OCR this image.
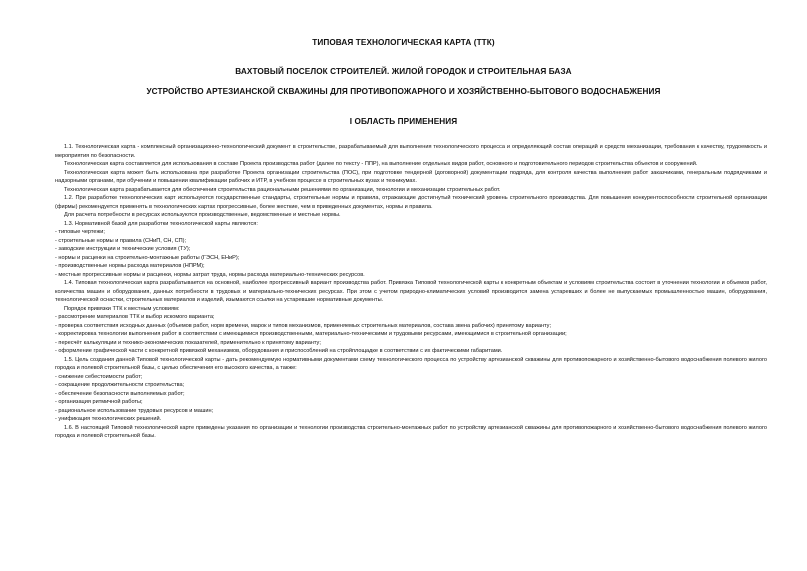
ТИПОВАЯ ТЕХНОЛОГИЧЕСКАЯ КАРТА (ТТК)
ВАХТОВЫЙ ПОСЕЛОК СТРОИТЕЛЕЙ. ЖИЛОЙ ГОРОДОК И СТРОИТЕЛЬНАЯ БАЗА
УСТРОЙСТВО АРТЕЗИАНСКОЙ СКВАЖИНЫ ДЛЯ ПРОТИВОПОЖАРНОГО И ХОЗЯЙСТВЕННО-БЫТОВОГО ВОДОСНАБЖЕНИЯ
I ОБЛАСТЬ ПРИМЕНЕНИЯ

1.1. Технологическая карта - комплексный организационно-технологический документ в строительстве, разрабатываемый для выполнения технологического процесса и определяющий состав операций и средств механизации, требования к качеству, трудоемкость и мероприятия по безопасности.

Технологическая карта составляется для использования в составе Проекта производства работ (далее по тексту - ППР), на выполнение отдельных видов работ, основного и подготовительного периодов строительства объектов и сооружений.

Технологическая карта может быть использована при разработке Проекта организации строительства (ПОС), при подготовке тендерной (договорной) документации подряда, для контроля качества выполнения работ заказчиками, генеральным подрядчиками и надзорными органами, при обучении и повышении квалификации рабочих и ИТР, в учебном процессе в строительных вузах и техникумах.

Технологическая карта разрабатывается для обеспечения строительства рациональными решениями по организации, технологии и механизации строительных работ.

1.2. При разработке технологических карт используются государственные стандарты, строительные нормы и правила, отражающие достигнутый технический уровень строительного производства. Для повышения конкурентоспособности строительной организации (фирмы) рекомендуется применять в технологических картах прогрессивные, более жесткие, чем в приведенных документах, нормы и правила.

Для расчета потребности в ресурсах используются производственные, ведомственные и местные нормы.

1.3. Нормативной базой для разработки технологической карты являются:

- типовые чертежи;

- строительные нормы и правила (СНиП, СН, СП);

- заводские инструкции и технические условия (ТУ);

- нормы и расценки на строительно-монтажные работы (ГЭСН, ЕНиР);

- производственные нормы расхода материалов (НПРМ);

- местные прогрессивные нормы и расценки, нормы затрат труда, нормы расхода материально-технических ресурсов.

1.4. Типовая технологическая карта разрабатывается на основной, наиболее прогрессивный вариант производства работ. Привязка Типовой технологической карты к конкретным объектам и условиям строительства состоит в уточнении технологии и объемов работ, количества машин и оборудования, данных потребности в трудовых и материально-технических ресурсах. При этом с учетом природно-климатических условий производится замена устаревших и более не выпускаемых промышленностью машин, оборудования, технологической оснастки, строительных материалов и изделий, изымаются ссылки на устаревшие нормативные документы.

Порядок привязки ТТК к местным условиям:

- рассмотрение материалов ТТК и выбор искомого варианта;

- проверка соответствия исходных данных (объемов работ, норм времени, марок и типов механизмов, применяемых строительных материалов, состава звена рабочих) принятому варианту;

- корректировка технологии выполнения работ в соответствии с имеющимися производственными, материально-техническими и трудовыми ресурсами, имеющимися в строительной организации;

- пересчёт калькуляции и технико-экономических показателей, применительно к принятому варианту;

- оформление графической части с конкретной привязкой механизмов, оборудования и приспособлений на стройплощадке в соответствии с их фактическими габаритами.

1.5. Цель создания данной Типовой технологической карты - дать рекомендуемую нормативными документами схему технологического процесса по устройству артезианской скважины для противопожарного и хозяйственно-бытового водоснабжения полевого жилого городка и полевой строительной базы, с целью обеспечения его высокого качества, а также:

- снижение себестоимости работ;

- сокращение продолжительности строительства;

- обеспечение безопасности выполняемых работ;

- организация ритмичной работы;

- рациональное использование трудовых ресурсов и машин;

- унификация технологических решений.

1.6. В настоящей Типовой технологической карте приведены указания по организации и технологии производства строительно-монтажных работ по устройству артезианской скважины для противопожарного и хозяйственно-бытового водоснабжения полевого жилого городка и полевой строительной базы.
